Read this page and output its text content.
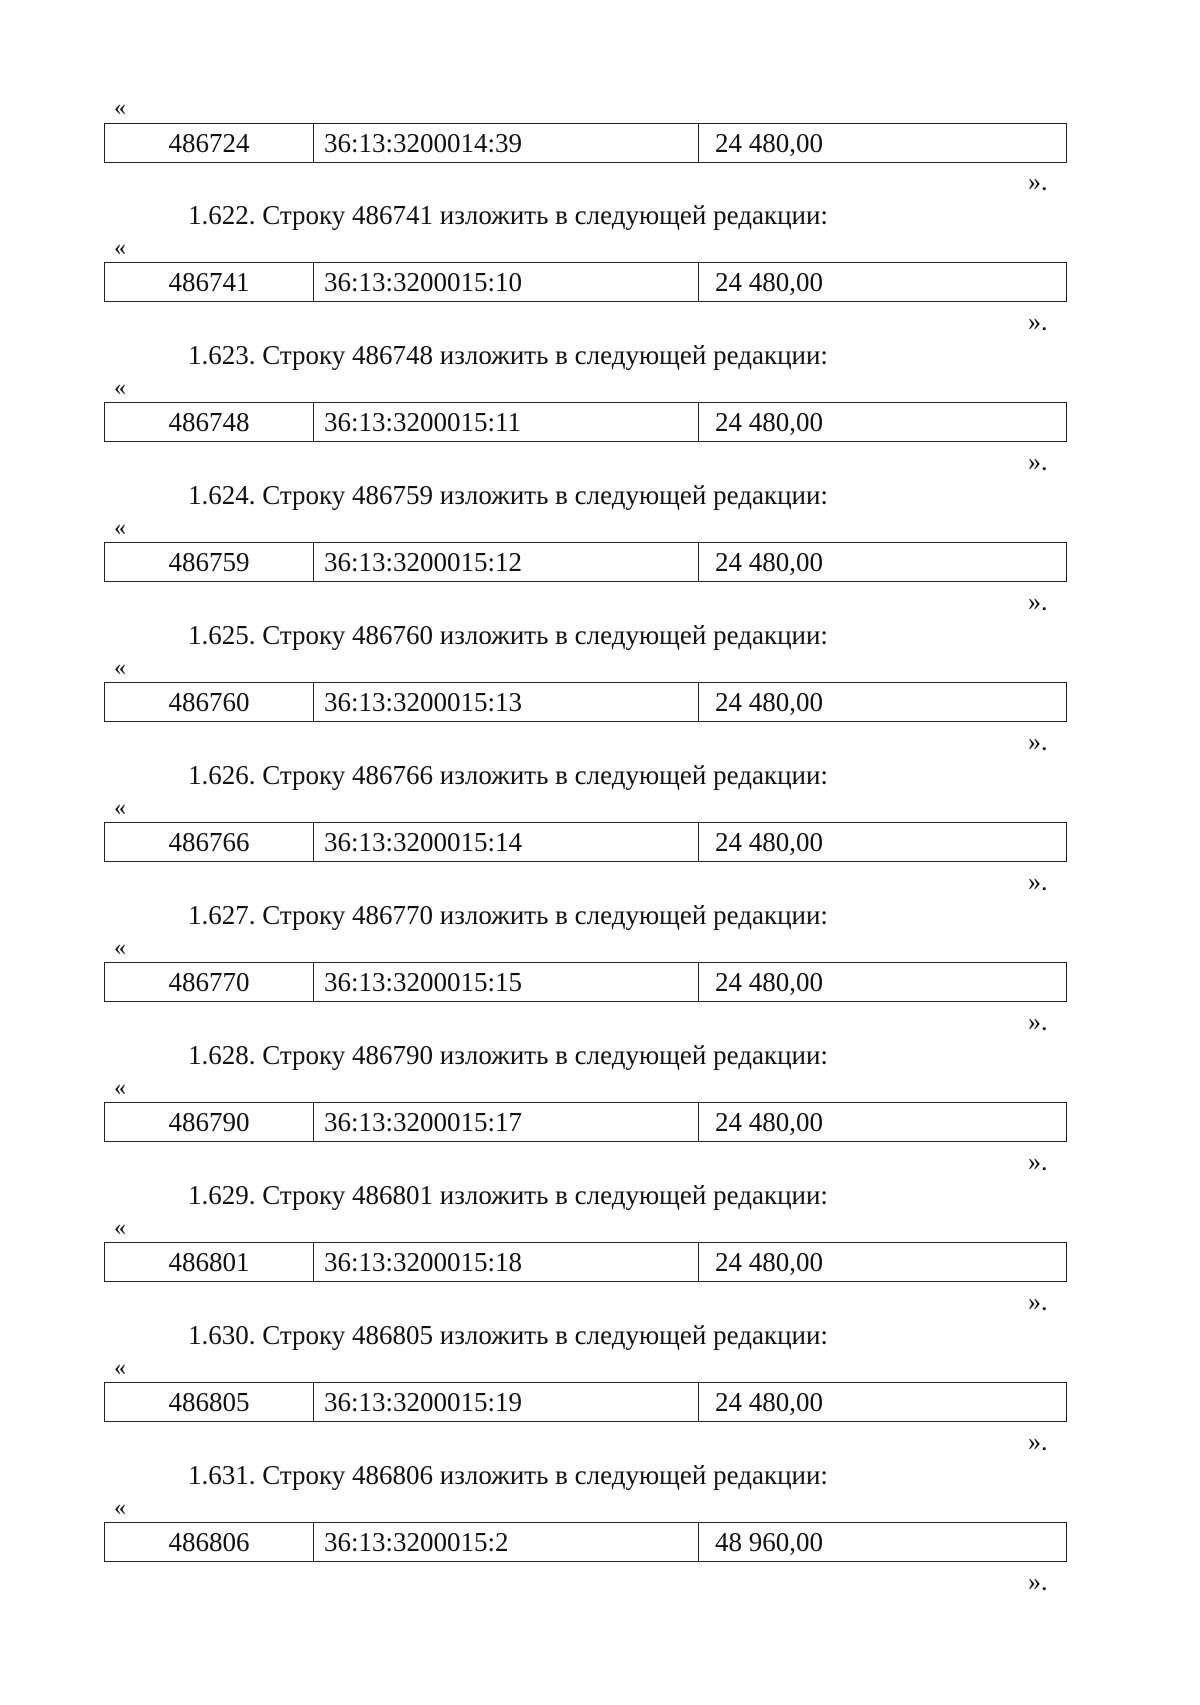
«
486724	36:13:3200014:39	24 480,00
».
1.622. Строку 486741 изложить в следующей редакции:
«
486741	36:13:3200015:10	24 480,00
».
1.623. Строку 486748 изложить в следующей редакции:
«
486748	36:13:3200015:11	24 480,00
».
1.624. Строку 486759 изложить в следующей редакции:
«
486759	36:13:3200015:12	24 480,00
».
1.625. Строку 486760 изложить в следующей редакции:
«
486760	36:13:3200015:13	24 480,00
».
1.626. Строку 486766 изложить в следующей редакции:
«
486766	36:13:3200015:14	24 480,00
».
1.627. Строку 486770 изложить в следующей редакции:
«
486770	36:13:3200015:15	24 480,00
».
1.628. Строку 486790 изложить в следующей редакции:
«
486790	36:13:3200015:17	24 480,00
».
1.629. Строку 486801 изложить в следующей редакции:
«
486801	36:13:3200015:18	24 480,00
».
1.630. Строку 486805 изложить в следующей редакции:
«
486805	36:13:3200015:19	24 480,00
».
1.631. Строку 486806 изложить в следующей редакции:
«
486806	36:13:3200015:2	48 960,00
».
